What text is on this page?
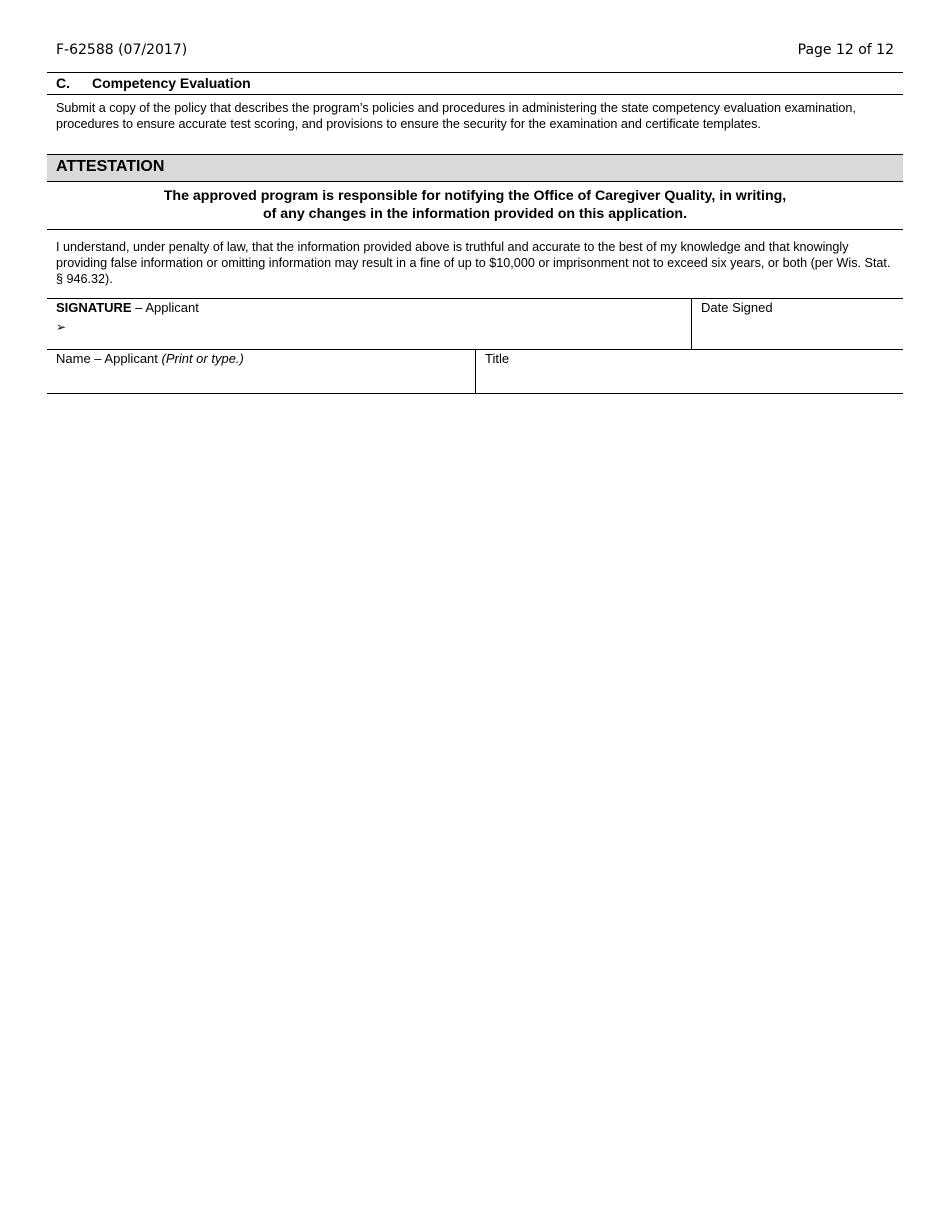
F-62588 (07/2017)	Page 12 of 12
C. Competency Evaluation
Submit a copy of the policy that describes the program’s policies and procedures in administering the state competency evaluation examination, procedures to ensure accurate test scoring, and provisions to ensure the security for the examination and certificate templates.
ATTESTATION
The approved program is responsible for notifying the Office of Caregiver Quality, in writing,
of any changes in the information provided on this application.
I understand, under penalty of law, that the information provided above is truthful and accurate to the best of my knowledge and that knowingly providing false information or omitting information may result in a fine of up to $10,000 or imprisonment not to exceed six years, or both (per Wis. Stat. § 946.32).
SIGNATURE – Applicant
➢
Date Signed
Name – Applicant (Print or type.)	Title
